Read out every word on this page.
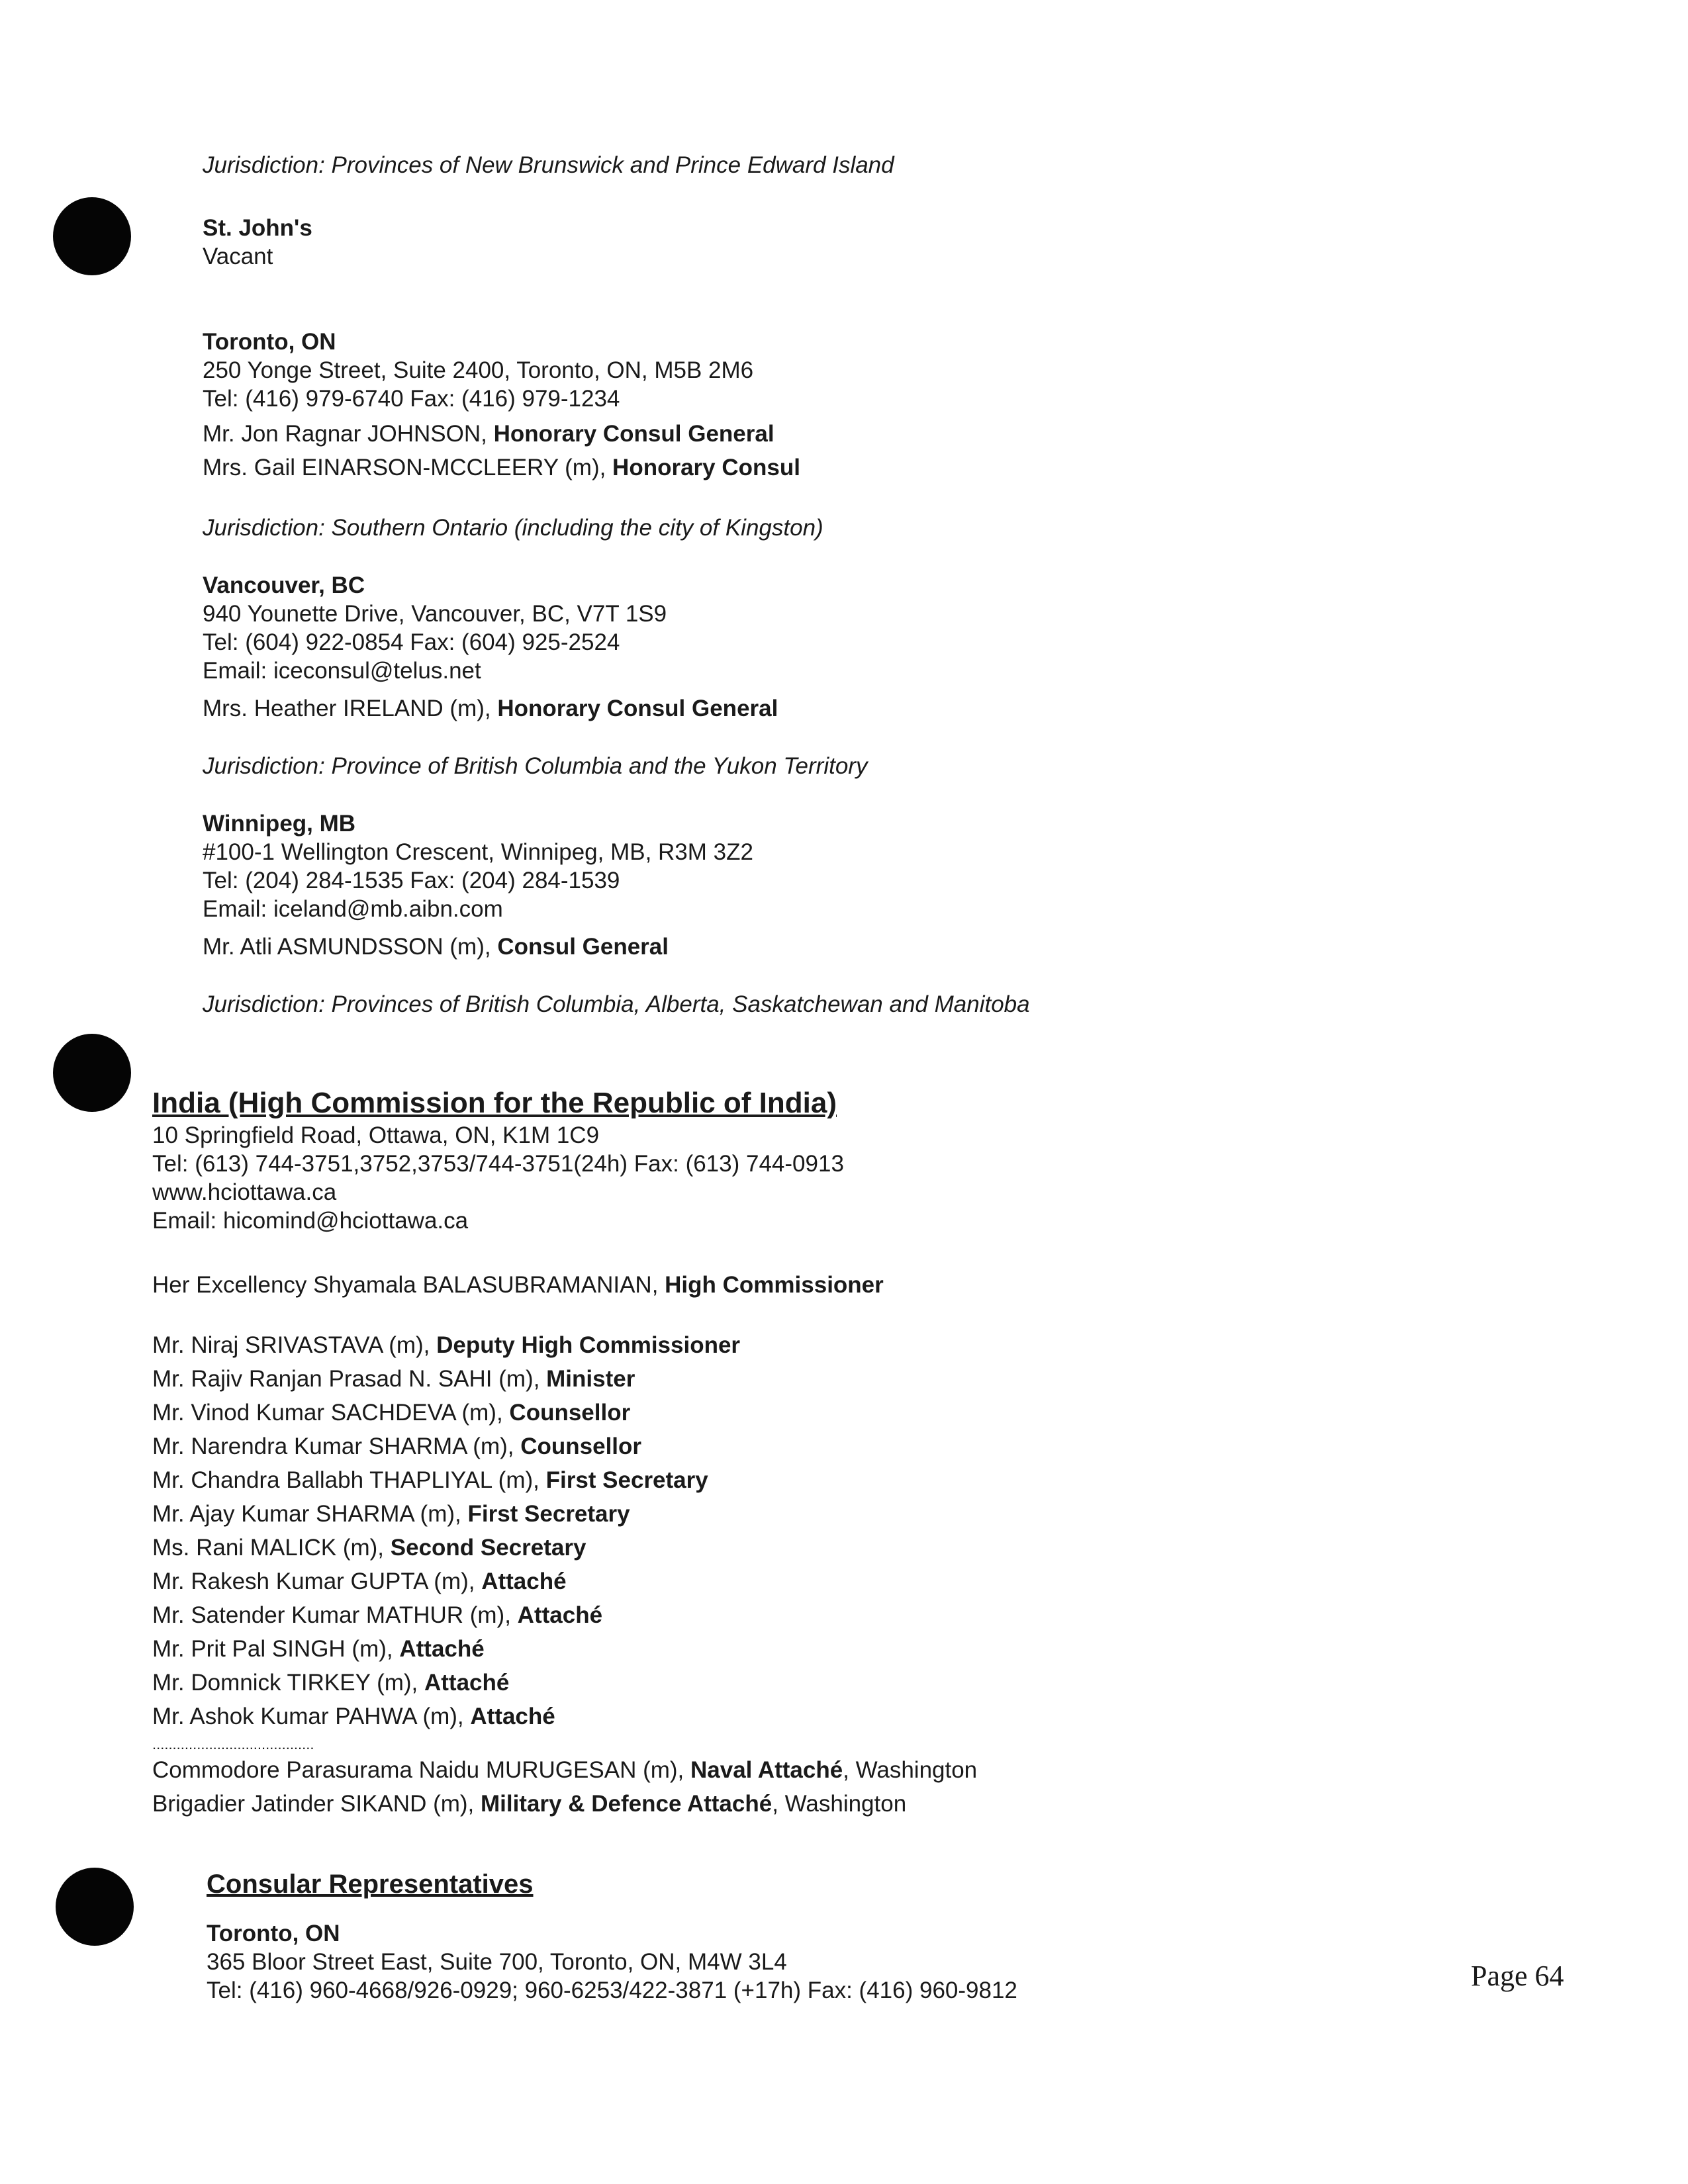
Jurisdiction: Provinces of New Brunswick and Prince Edward Island

St. John's

Vacant

Toronto, ON

250 Yonge Street, Suite 2400, Toronto, ON, M5B 2M6

Tel: (416) 979-6740 Fax: (416) 979-1234

Mr. Jon Ragnar JOHNSON, Honorary Consul General

Mrs. Gail EINARSON-MCCLEERY (m), Honorary Consul

Jurisdiction: Southern Ontario (including the city of Kingston)

Vancouver, BC

940 Younette Drive, Vancouver, BC, V7T 1S9

Tel: (604) 922-0854 Fax: (604) 925-2524

Email: iceconsul@telus.net

Mrs. Heather IRELAND (m), Honorary Consul General

Jurisdiction: Province of British Columbia and the Yukon Territory

Winnipeg, MB

#100-1 Wellington Crescent, Winnipeg, MB, R3M 3Z2

Tel: (204) 284-1535 Fax: (204) 284-1539

Email: iceland@mb.aibn.com

Mr. Atli ASMUNDSSON (m), Consul General

Jurisdiction: Provinces of British Columbia, Alberta, Saskatchewan and Manitoba

India (High Commission for the Republic of India)

10 Springfield Road, Ottawa, ON, K1M 1C9

Tel: (613) 744-3751,3752,3753/744-3751(24h) Fax: (613) 744-0913

www.hciottawa.ca

Email: hicomind@hciottawa.ca

Her Excellency Shyamala BALASUBRAMANIAN, High Commissioner

Mr. Niraj SRIVASTAVA (m), Deputy High Commissioner

Mr. Rajiv Ranjan Prasad N. SAHI (m), Minister

Mr. Vinod Kumar SACHDEVA (m), Counsellor

Mr. Narendra Kumar SHARMA (m), Counsellor

Mr. Chandra Ballabh THAPLIYAL (m), First Secretary

Mr. Ajay Kumar SHARMA (m), First Secretary

Ms. Rani MALICK (m), Second Secretary

Mr. Rakesh Kumar GUPTA (m), Attaché

Mr. Satender Kumar MATHUR (m), Attaché

Mr. Prit Pal SINGH (m), Attaché

Mr. Domnick TIRKEY (m), Attaché

Mr. Ashok Kumar PAHWA (m), Attaché

........................................

Commodore Parasurama Naidu MURUGESAN (m), Naval Attaché, Washington

Brigadier Jatinder SIKAND (m), Military & Defence Attaché, Washington

Consular Representatives

Toronto, ON

365 Bloor Street East, Suite 700, Toronto, ON, M4W 3L4

Tel: (416) 960-4668/926-0929; 960-6253/422-3871 (+17h) Fax: (416) 960-9812	Page 64
